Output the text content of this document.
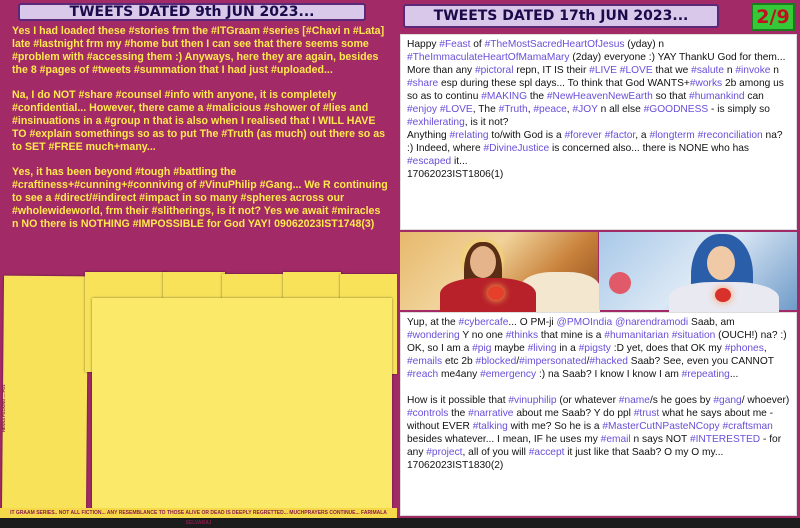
TWEETS DATED 9th JUN 2023...

Yes I had loaded these #stories frm the #ITGraam #series [#Chavi n #Lata] late #lastnight frm my #home but then I can see that there seems some #problem with #accessing them :) Anyways, here they are again, besides the 8 #pages of #tweets #summation that I had just #uploaded...

Na, I do NOT #share #counsel #info with anyone, it is completely #confidential... However, there came a #malicious #shower of #lies and #insinuations in a #group n that is also when I realised that I WILL HAVE TO #explain somethings so as to put The #Truth (as much) out there so as to SET #FREE much+many...

Yes, it has been beyond #tough #battling the #craftiness+#cunning+#conniving of #VinuPhilip #Gang... We R continuing to see a #direct/#indirect #impact in so many #spheres across our #wholewideworld, frm their #slitherings, is it not? Yes we await #miracles n NO there is NOTHING #IMPOSSIBLE for God YAY! 09062023IST1748(3)

HENNA PACKING — PG1
IT GRAAM SERIES.. NOT ALL FICTION... ANY RESEMBLANCE TO THOSE ALIVE OR DEAD IS DEEPLY REGRETTED... MUCHPRAYERS CONTINUE... FARIMALA SELVARAJ
TWEETS DATED 17th JUN 2023...	2/9
Happy #Feast of #TheMostSacredHeartOfJesus (yday) n #TheImmaculateHeartOfMamaMary (2day) everyone :) YAY ThankU God for them... More than any #pictoral repn, IT IS their #LIVE #LOVE that we #salute n #invoke n #share esp during these spl days... To think that God WANTS+#works 2b among us so as to continu #MAKING the #NewHeavenNewEarth so that #humankind can #enjoy #LOVE, The #Truth, #peace, #JOY n all else #GOODNESS - is simply so #exhilerating, is it not?
Anything #relating to/with God is a #forever #factor, a #longterm #reconciliation na? :) Indeed, where #DivineJustice is concerned also... there is NONE who has #escaped it...
17062023IST1806(1)
Yup, at the #cybercafe... O PM-ji @PMOIndia @narendramodi Saab, am #wondering Y no one #thinks that mine is a #humanitarian #situation (OUCH!) na? :) OK, so I am a #pig maybe #living in a #pigsty :D yet, does that OK my #phones, #emails etc 2b #blocked/#impersonated/#hacked Saab? See, even you CANNOT #reach me4any #emergency :) na Saab? I know I know I am #repeating...

How is it possible that #vinuphilip (or whatever #name/s he goes by #gang/ whoever) #controls the #narrative about me Saab? Y do ppl #trust what he says about me - without EVER #talking with me? So he is a #MasterCutNPasteNCopy #craftsman besides whatever... I mean, IF he uses my #email n says NOT #INTERESTED - for any #project, all of you will #accept it just like that Saab? O my O my...
17062023IST1830(2)
